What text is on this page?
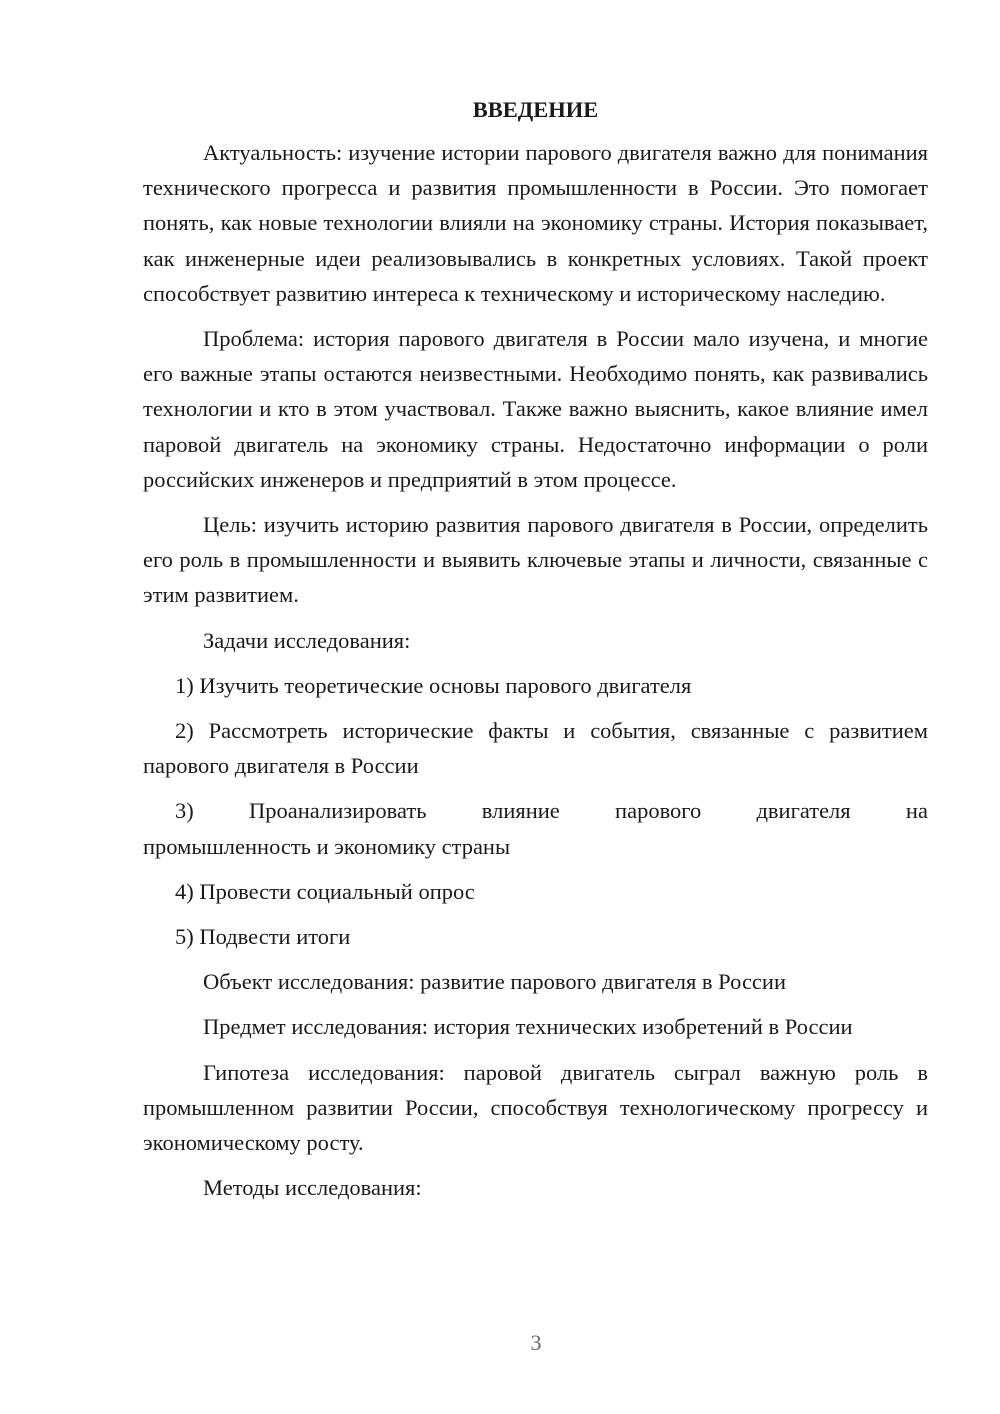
ВВЕДЕНИЕ
Актуальность: изучение истории парового двигателя важно для понимания технического прогресса и развития промышленности в России. Это помогает понять, как новые технологии влияли на экономику страны. История показывает, как инженерные идеи реализовывались в конкретных условиях. Такой проект способствует развитию интереса к техническому и историческому наследию.
Проблема: история парового двигателя в России мало изучена, и многие его важные этапы остаются неизвестными. Необходимо понять, как развивались технологии и кто в этом участвовал. Также важно выяснить, какое влияние имел паровой двигатель на экономику страны. Недостаточно информации о роли российских инженеров и предприятий в этом процессе.
Цель: изучить историю развития парового двигателя в России, определить его роль в промышленности и выявить ключевые этапы и личности, связанные с этим развитием.
Задачи исследования:
1) Изучить теоретические основы парового двигателя
2) Рассмотреть исторические факты и события, связанные с развитием парового двигателя в России
3) Проанализировать влияние парового двигателя на
промышленность и экономику страны
4) Провести социальный опрос
5) Подвести итоги
Объект исследования: развитие парового двигателя в России
Предмет исследования: история технических изобретений в России
Гипотеза исследования: паровой двигатель сыграл важную роль в промышленном развитии России, способствуя технологическому прогрессу и экономическому росту.
Методы исследования:
3
